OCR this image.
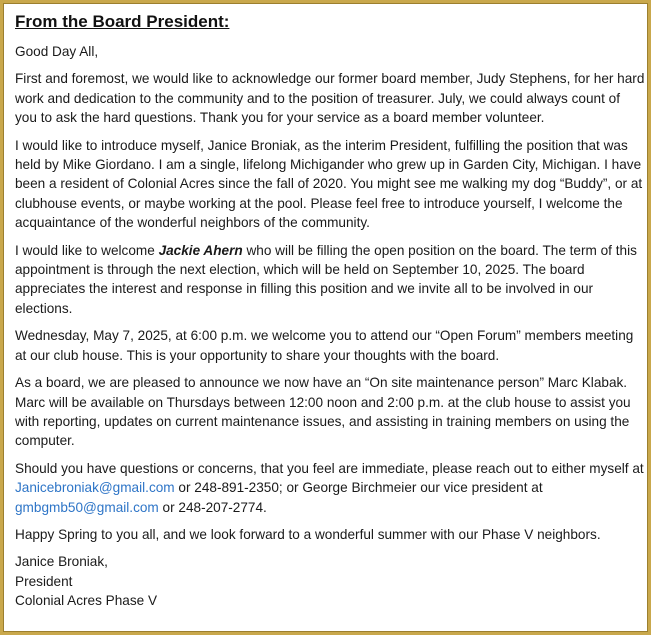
From the Board President:

Good Day All,

First and foremost, we would like to acknowledge our former board member, Judy Stephens, for her hard work and dedication to the community and to the position of treasurer. July, we could always count of you to ask the hard questions. Thank you for your service as a board member volunteer.

I would like to introduce myself, Janice Broniak, as the interim President, fulfilling the position that was held by Mike Giordano. I am a single, lifelong Michigander who grew up in Garden City, Michigan. I have been a resident of Colonial Acres since the fall of 2020. You might see me walking my dog “Buddy”, or at clubhouse events, or maybe working at the pool. Please feel free to introduce yourself, I welcome the acquaintance of the wonderful neighbors of the community.

I would like to welcome Jackie Ahern who will be filling the open position on the board. The term of this appointment is through the next election, which will be held on September 10, 2025. The board appreciates the interest and response in filling this position and we invite all to be involved in our elections.

Wednesday, May 7, 2025, at 6:00 p.m. we welcome you to attend our “Open Forum” members meeting at our club house. This is your opportunity to share your thoughts with the board.

As a board, we are pleased to announce we now have an “On site maintenance person” Marc Klabak. Marc will be available on Thursdays between 12:00 noon and 2:00 p.m. at the club house to assist you with reporting, updates on current maintenance issues, and assisting in training members on using the computer.

Should you have questions or concerns, that you feel are immediate, please reach out to either myself at Janicebroniak@gmail.com or 248-891-2350; or George Birchmeier our vice president at gmbgmb50@gmail.com or 248-207-2774.

Happy Spring to you all, and we look forward to a wonderful summer with our Phase V neighbors.

Janice Broniak,
President
Colonial Acres Phase V
